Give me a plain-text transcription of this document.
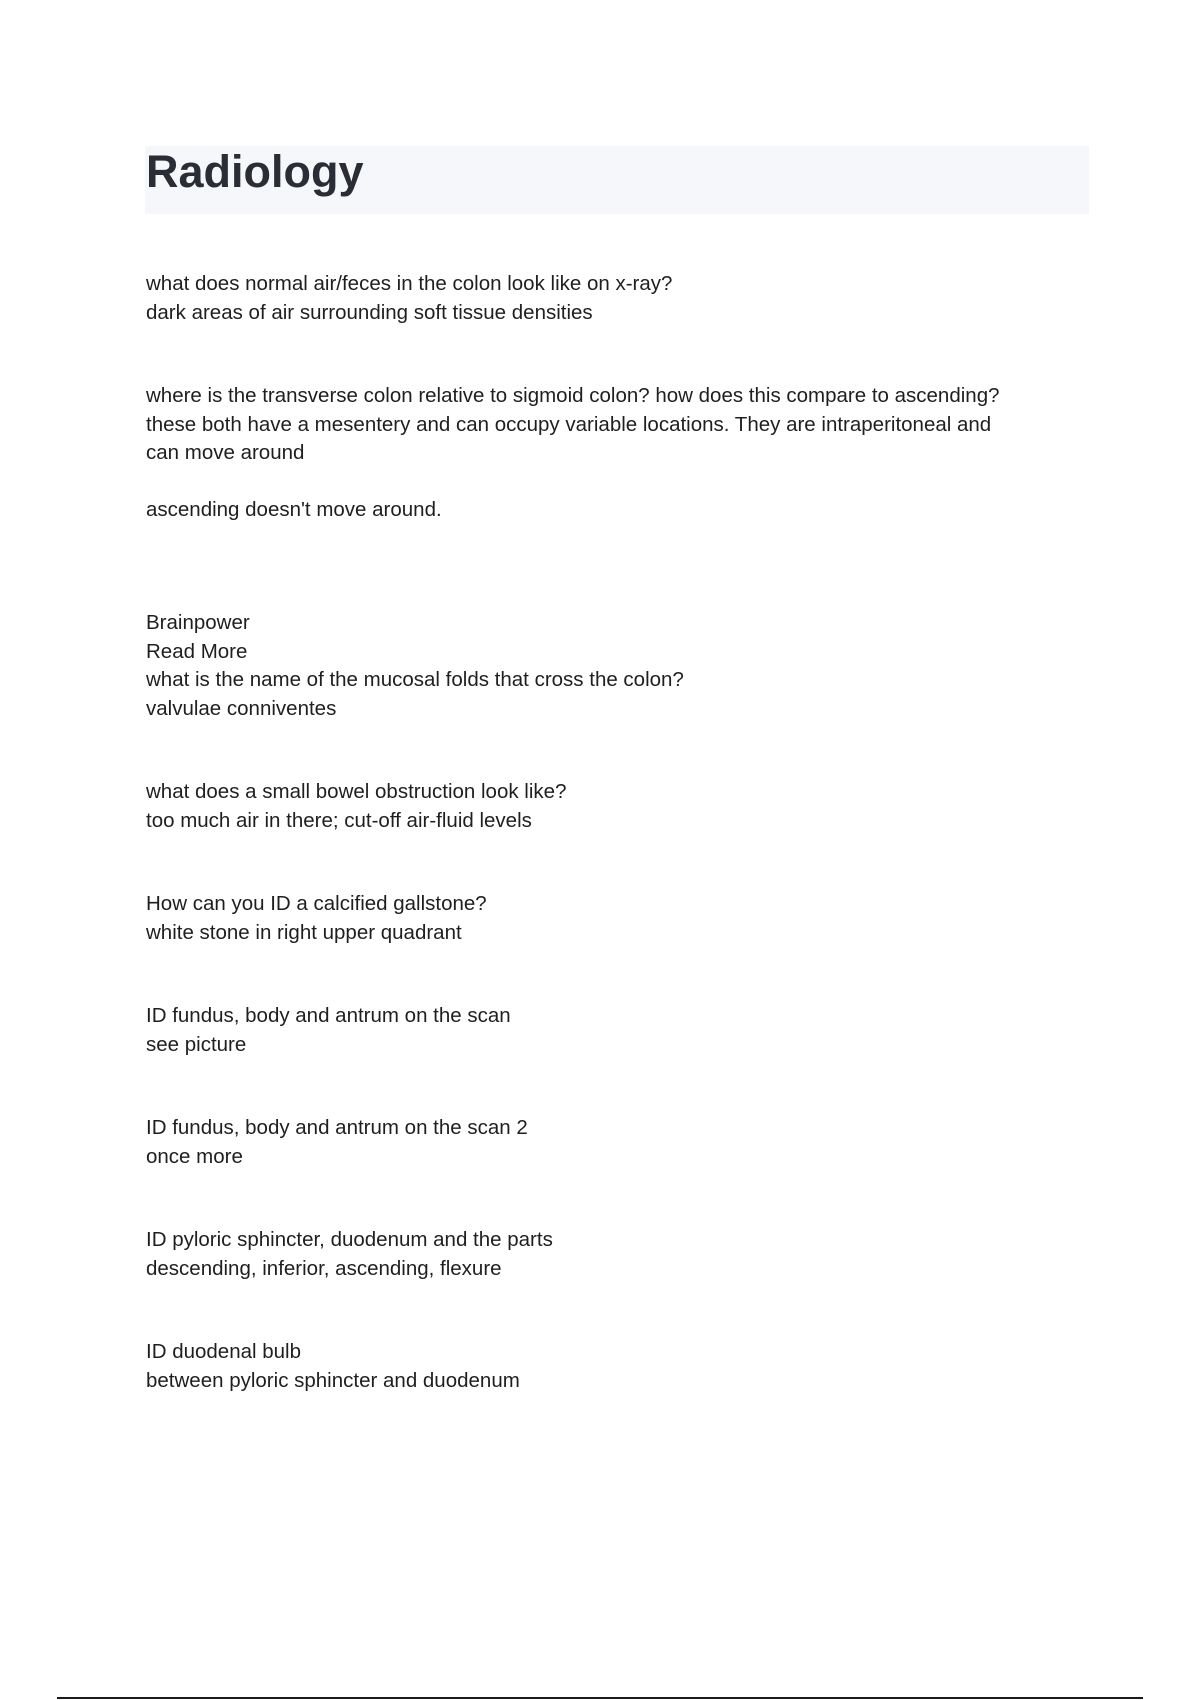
Radiology
what does normal air/feces in the colon look like on x-ray?
dark areas of air surrounding soft tissue densities
where is the transverse colon relative to sigmoid colon? how does this compare to ascending?
these both have a mesentery and can occupy variable locations. They are intraperitoneal and
can move around
ascending doesn't move around.
Brainpower
Read More
what is the name of the mucosal folds that cross the colon?
valvulae conniventes
what does a small bowel obstruction look like?
too much air in there; cut-off air-fluid levels
How can you ID a calcified gallstone?
white stone in right upper quadrant
ID fundus, body and antrum on the scan
see picture
ID fundus, body and antrum on the scan 2
once more
ID pyloric sphincter, duodenum and the parts
descending, inferior, ascending, flexure
ID duodenal bulb
between pyloric sphincter and duodenum
